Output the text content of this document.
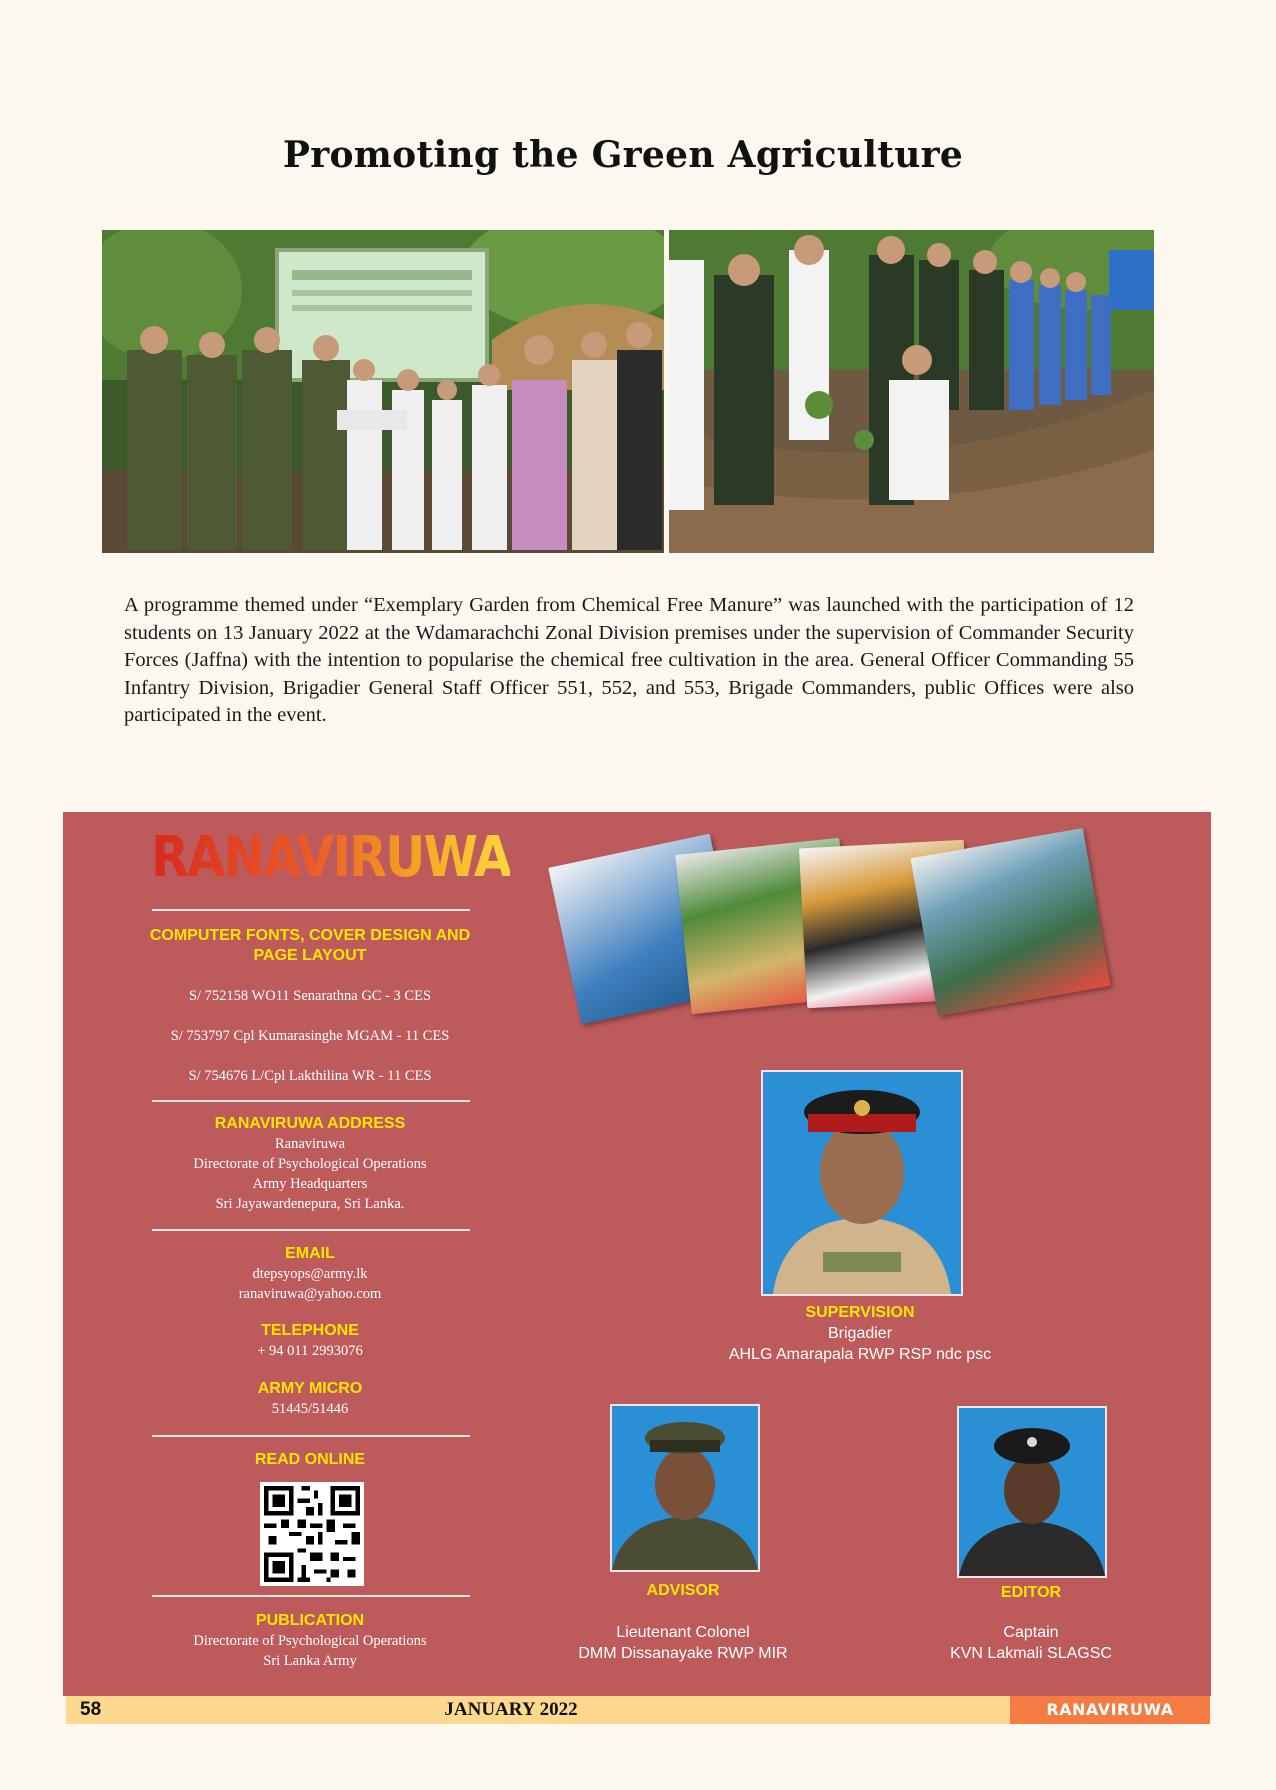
Promoting the Green Agriculture
A programme themed under “Exemplary Garden from Chemical Free Manure” was launched with the participation of 12 students on 13 January 2022 at the Wdamarachchi Zonal Division premises under the supervision of Commander Security Forces (Jaffna) with the intention to popularise the chemical free cultivation in the area. General Officer Commanding 55 Infantry Division, Brigadier General Staff Officer 551, 552, and 553, Brigade Commanders, public Offices were also participated in the event.
RANAVIRUWA
COMPUTER FONTS, COVER DESIGN AND
PAGE LAYOUT
S/ 752158 WO11 Senarathna GC - 3 CES
S/ 753797 Cpl Kumarasinghe MGAM - 11 CES
S/ 754676 L/Cpl Lakthilina WR - 11 CES
RANAVIRUWA ADDRESS
Ranaviruwa
Directorate of Psychological Operations
Army Headquarters
Sri Jayawardenepura, Sri Lanka.
EMAIL
dtepsyops@army.lk
ranaviruwa@yahoo.com
TELEPHONE
+ 94 011 2993076
ARMY MICRO
51445/51446
READ ONLINE
PUBLICATION
Directorate of Psychological Operations
Sri Lanka Army
SUPERVISION
Brigadier
AHLG Amarapala RWP RSP ndc psc
ADVISOR
Lieutenant Colonel
DMM Dissanayake RWP MIR
EDITOR
Captain
KVN Lakmali SLAGSC
58	JANUARY 2022	RANAVIRUWA
